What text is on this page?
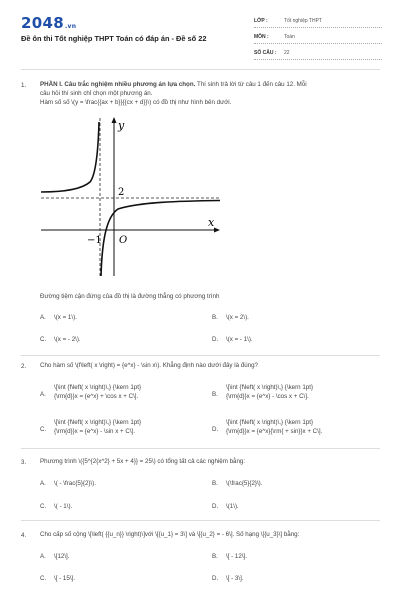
2048.vn
Đề ôn thi Tốt nghiệp THPT Toán có đáp án - Đề số 22
LỚP :	Tốt nghiệp THPT
MÔN :	Toán
SỐ CÂU :	22
1. PHẦN I. Câu trắc nghiệm nhiều phương án lựa chọn. Thí sinh trả lời từ câu 1 đến câu 12. Mỗi
câu hỏi thí sinh chỉ chọn một phương án.
Hàm số số \(y = \frac{{ax + b}}{{cx + d}}\) có đồ thị như hình bên dưới.
y
x
2
−1 O
Đường tiệm cận đứng của đồ thị là đường thẳng có phương trình
A. \(x = 1\).	B. \(x = 2\).
C. \(x = - 2\).	D. \(x = - 1\).
2. Cho hàm số \(f\left( x \right) = {e^x} - \sin x\). Khẳng định nào dưới đây là đúng?
A.
\[\int {f\left( x \right)\,} {\kern 1pt}
{\rm{d}}x = {e^x} + \cos x + C\].	B.
\[\int {f\left( x \right)\,} {\kern 1pt}
{\rm{d}}x = {e^x} - \cos x + C\].
C.
\[\int {f\left( x \right)\,} {\kern 1pt}
{\rm{d}}x = {e^x} - \sin x + C\].	D.
\[\int {f\left( x \right)\,} {\kern 1pt}
{\rm{d}}x = {e^x}{\rm{ + sin}}x + C\].
3. Phương trình \({5^{2{x^2} + 5x + 4}} = 25\) có tổng tất cả các nghiệm bằng:
A. \( - \frac{5}{2}\).	B. \(\frac{5}{2}\).
C. \( - 1\).	D. \(1\).
4. Cho cấp số cộng \[\left( {{u_n}} \right)\]với \[{u_1} = 3\] và \[{u_2} = - 6\]. Số hạng \[{u_3}\] bằng:
A. \[12\].	B. \[ - 12\].
C. \[ - 15\].	D. \[ - 3\].
